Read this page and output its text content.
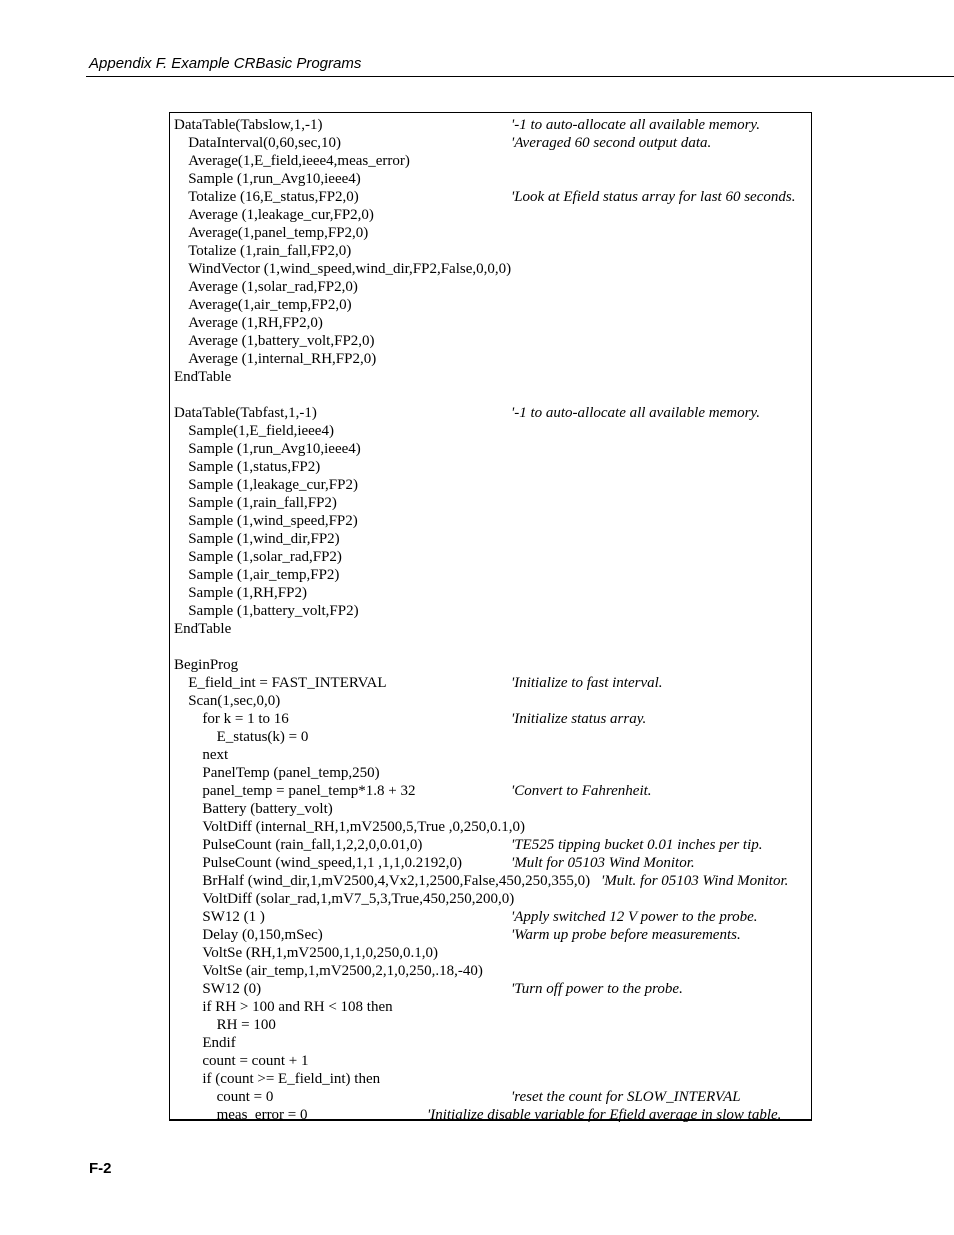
Appendix F. Example CRBasic Programs
DataTable(Tabslow,1,-1)	'-1 to auto-allocate all available memory.
DataInterval(0,60,sec,10)	'Averaged 60 second output data.
Average(1,E_field,ieee4,meas_error)
Sample (1,run_Avg10,ieee4)
Totalize (16,E_status,FP2,0)	'Look at Efield status array for last 60 seconds.
Average (1,leakage_cur,FP2,0)
Average(1,panel_temp,FP2,0)
Totalize (1,rain_fall,FP2,0)
WindVector (1,wind_speed,wind_dir,FP2,False,0,0,0)
Average (1,solar_rad,FP2,0)
Average(1,air_temp,FP2,0)
Average (1,RH,FP2,0)
Average (1,battery_volt,FP2,0)
Average (1,internal_RH,FP2,0)
EndTable
DataTable(Tabfast,1,-1)	'-1 to auto-allocate all available memory.
Sample(1,E_field,ieee4)
Sample (1,run_Avg10,ieee4)
Sample (1,status,FP2)
Sample (1,leakage_cur,FP2)
Sample (1,rain_fall,FP2)
Sample (1,wind_speed,FP2)
Sample (1,wind_dir,FP2)
Sample (1,solar_rad,FP2)
Sample (1,air_temp,FP2)
Sample (1,RH,FP2)
Sample (1,battery_volt,FP2)
EndTable
BeginProg
E_field_int = FAST_INTERVAL	'Initialize to fast interval.
Scan(1,sec,0,0)
for k = 1 to 16	'Initialize status array.
E_status(k) = 0
next
PanelTemp (panel_temp,250)
panel_temp = panel_temp*1.8 + 32	'Convert to Fahrenheit.
Battery (battery_volt)
VoltDiff (internal_RH,1,mV2500,5,True ,0,250,0.1,0)
PulseCount (rain_fall,1,2,2,0,0.01,0)	'TE525 tipping bucket 0.01 inches per tip.
PulseCount (wind_speed,1,1 ,1,1,0.2192,0)	'Mult for 05103 Wind Monitor.
BrHalf (wind_dir,1,mV2500,4,Vx2,1,2500,False,450,250,355,0) 'Mult. for 05103 Wind Monitor.
VoltDiff (solar_rad,1,mV7_5,3,True,450,250,200,0)
SW12 (1 )	'Apply switched 12 V power to the probe.
Delay (0,150,mSec)	'Warm up probe before measurements.
VoltSe (RH,1,mV2500,1,1,0,250,0.1,0)
VoltSe (air_temp,1,mV2500,2,1,0,250,.18,-40)
SW12 (0)	'Turn off power to the probe.
if RH > 100 and RH < 108 then
RH = 100
Endif
count = count + 1
if (count >= E_field_int) then
count = 0	'reset the count for SLOW_INTERVAL
meas_error = 0	'Initialize disable variable for Efield average in slow table.
F-2
